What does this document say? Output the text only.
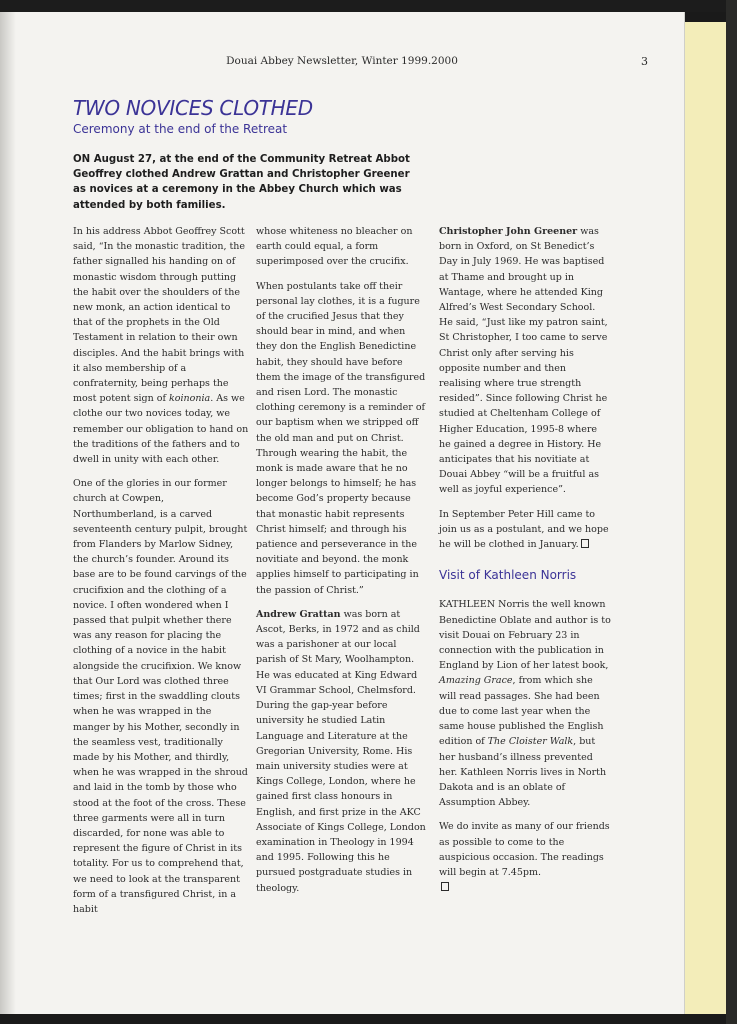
Douai Abbey Newsletter, Winter 1999.2000	3
TWO NOVICES CLOTHED
Ceremony at the end of the Retreat

ON August 27, at the end of the Community Retreat Abbot Geoffrey clothed Andrew Grattan and Christopher Greener as novices at a ceremony in the Abbey Church which was attended by both families.

In his address Abbot Geoffrey Scott said, “In the monastic tradition, the father signalled his handing on of monastic wisdom through putting the habit over the shoulders of the new monk, an action identical to that of the prophets in the Old Testament in relation to their own disciples. And the habit brings with it also membership of a confraternity, being perhaps the most potent sign of koinonia. As we clothe our two novices today, we remember our obligation to hand on the traditions of the fathers and to dwell in unity with each other.

One of the glories in our former church at Cowpen, Northumberland, is a carved seventeenth century pulpit, brought from Flanders by Marlow Sidney, the church’s founder. Around its base are to be found carvings of the crucifixion and the clothing of a novice. I often wondered when I passed that pulpit whether there was any reason for placing the clothing of a novice in the habit alongside the crucifixion. We know that Our Lord was clothed three times; first in the swaddling clouts when he was wrapped in the manger by his Mother, secondly in the seamless vest, traditionally made by his Mother, and thirdly, when he was wrapped in the shroud and laid in the tomb by those who stood at the foot of the cross. These three garments were all in turn discarded, for none was able to represent the figure of Christ in its totality. For us to comprehend that, we need to look at the transparent form of a transfigured Christ, in a habit

whose whiteness no bleacher on earth could equal, a form superimposed over the crucifix.

When postulants take off their personal lay clothes, it is a fugure of the crucified Jesus that they should bear in mind, and when they don the English Benedictine habit, they should have before them the image of the transfigured and risen Lord. The monastic clothing ceremony is a reminder of our baptism when we stripped off the old man and put on Christ. Through wearing the habit, the monk is made aware that he no longer belongs to himself; he has become God’s property because that monastic habit represents Christ himself; and through his patience and perseverance in the novitiate and beyond. the monk applies himself to participating in the passion of Christ.”

Andrew Grattan was born at Ascot, Berks, in 1972 and as child was a parishoner at our local parish of St Mary, Woolhampton. He was educated at King Edward VI Grammar School, Chelmsford. During the gap-year before university he studied Latin Language and Literature at the Gregorian University, Rome. His main university studies were at Kings College, London, where he gained first class honours in English, and first prize in the AKC Associate of Kings College, London examination in Theology in 1994 and 1995. Following this he pursued postgraduate studies in theology.

Christopher John Greener was born in Oxford, on St Benedict’s Day in July 1969. He was baptised at Thame and brought up in Wantage, where he attended King Alfred’s West Secondary School. He said, “Just like my patron saint, St Christopher, I too came to serve Christ only after serving his opposite number and then realising where true strength resided”. Since following Christ he studied at Cheltenham College of Higher Education, 1995-8 where he gained a degree in History. He anticipates that his novitiate at Douai Abbey “will be a fruitful as well as joyful experience”.

In September Peter Hill came to join us as a postulant, and we hope he will be clothed in January.

Visit of Kathleen Norris

KATHLEEN Norris the well known Benedictine Oblate and author is to visit Douai on February 23 in connection with the publication in England by Lion of her latest book, Amazing Grace, from which she will read passages. She had been due to come last year when the same house published the English edition of The Cloister Walk, but her husband’s illness prevented her. Kathleen Norris lives in North Dakota and is an oblate of Assumption Abbey.

We do invite as many of our friends as possible to come to the auspicious occasion. The readings will begin at 7.45pm.
